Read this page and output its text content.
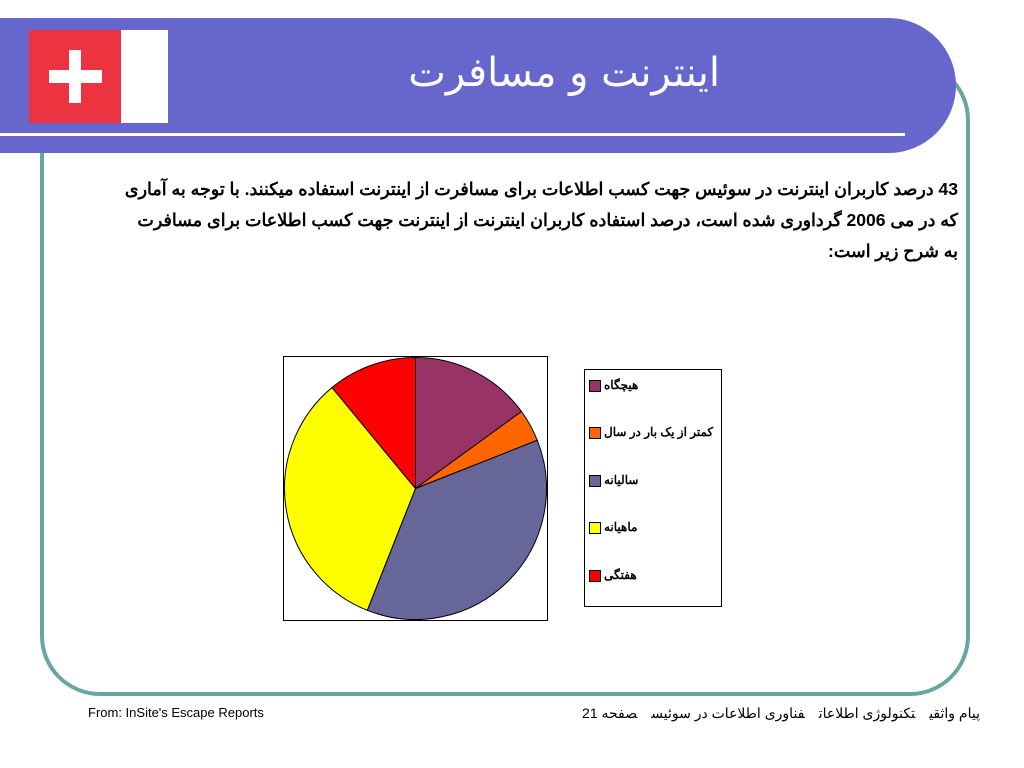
اینترنت و مسافرت
43 درصد کاربران اینترنت در سوئیس جهت کسب اطلاعات برای مسافرت از اینترنت استفاده میکنند. با توجه به آماری که در می 2006 گرداوری شده است، درصد استفاده کاربران اینترنت از اینترنت جهت کسب اطلاعات برای مسافرت به شرح زیر است:
هیچگاه
کمتر از یک بار در سال
سالیانه
ماهیانه
هفتگی
From: InSite's Escape Reports	پیام واثقیتکنولوژی اطلاعاتفناوری اطلاعات در سوئیسصفحه 21
